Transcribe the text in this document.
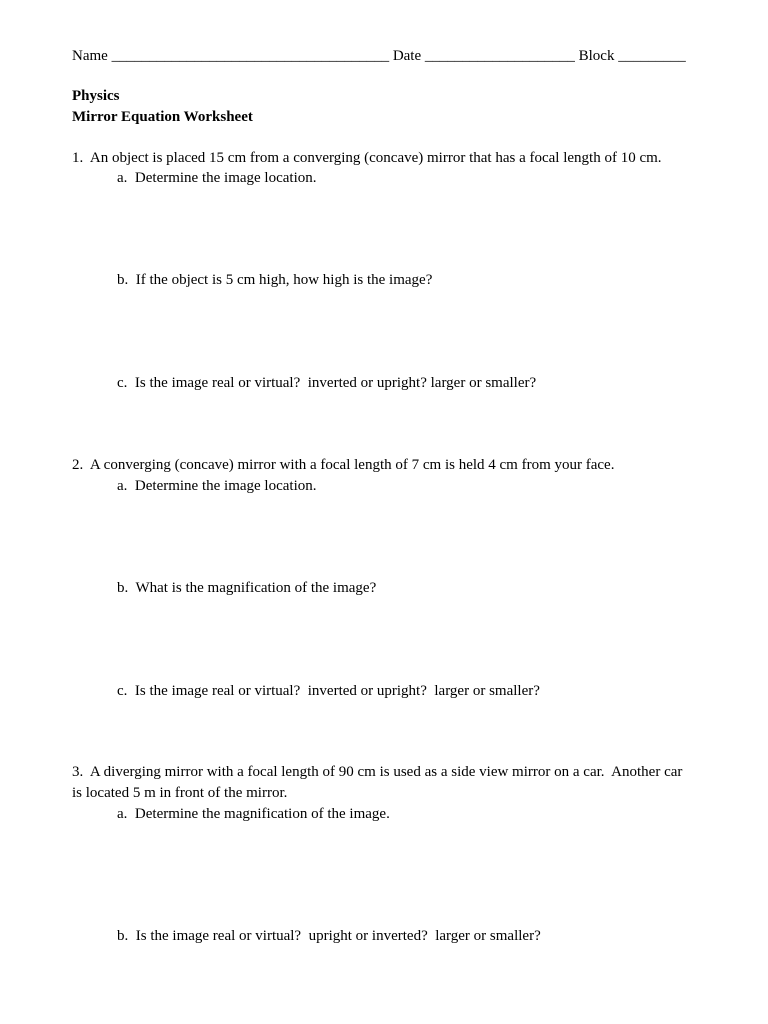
Name _____________________________________ Date ____________________ Block _________
Physics
Mirror Equation Worksheet
1.  An object is placed 15 cm from a converging (concave) mirror that has a focal length of 10 cm.
a.  Determine the image location.
b.  If the object is 5 cm high, how high is the image?
c.  Is the image real or virtual?  inverted or upright? larger or smaller?
2.  A converging (concave) mirror with a focal length of 7 cm is held 4 cm from your face.
a.  Determine the image location.
b.  What is the magnification of the image?
c.  Is the image real or virtual?  inverted or upright?  larger or smaller?
3.  A diverging mirror with a focal length of 90 cm is used as a side view mirror on a car.  Another car
is located 5 m in front of the mirror.
a.  Determine the magnification of the image.
b.  Is the image real or virtual?  upright or inverted?  larger or smaller?
